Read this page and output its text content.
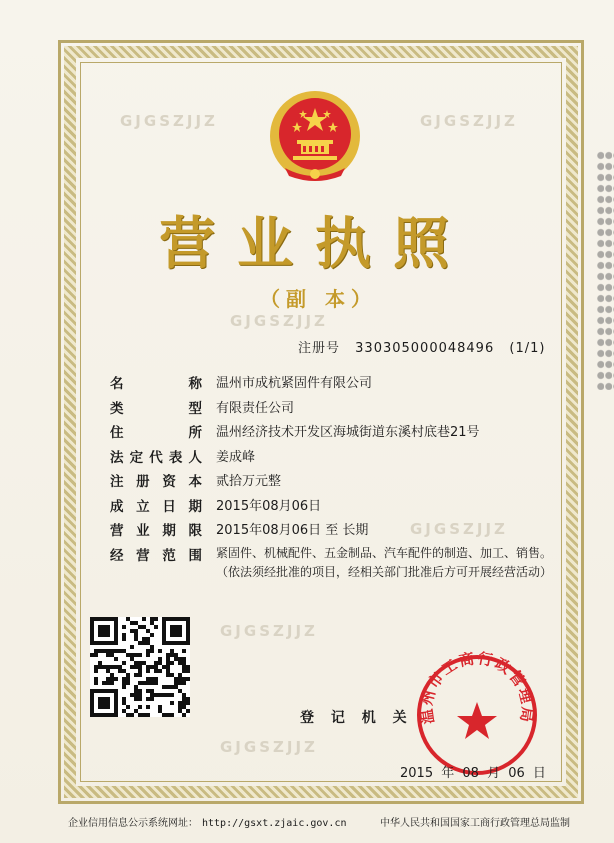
GJGSZJJZ	GJGSZJJZ
GJGSZJJZ
GJGSZJJZ
GJGSZJJZ
GJGSZJJZ
营业执照
（副 本）
注册号 330305000048496 (1/1)
名	称 温州市成杭紧固件有限公司
类	型 有限责任公司
住	所 温州经济技术开发区海城街道东溪村底巷21号
法 定 代 表 人 姜成峰
注 册 资 本 贰拾万元整
成 立 日 期 2015年08月06日
营 业 期 限 2015年08月06日 至 长期
经 营 范 围 紧固件、机械配件、五金制品、汽车配件的制造、加工、销售。
（依法须经批准的项目，经相关部门批准后方可开展经营活动）
登 记 机 关 温州市工商行政管理局
2015 年 08 月 06 日
企业信用信息公示系统网址： http://gsxt.zjaic.gov.cn	中华人民共和国国家工商行政管理总局监制
